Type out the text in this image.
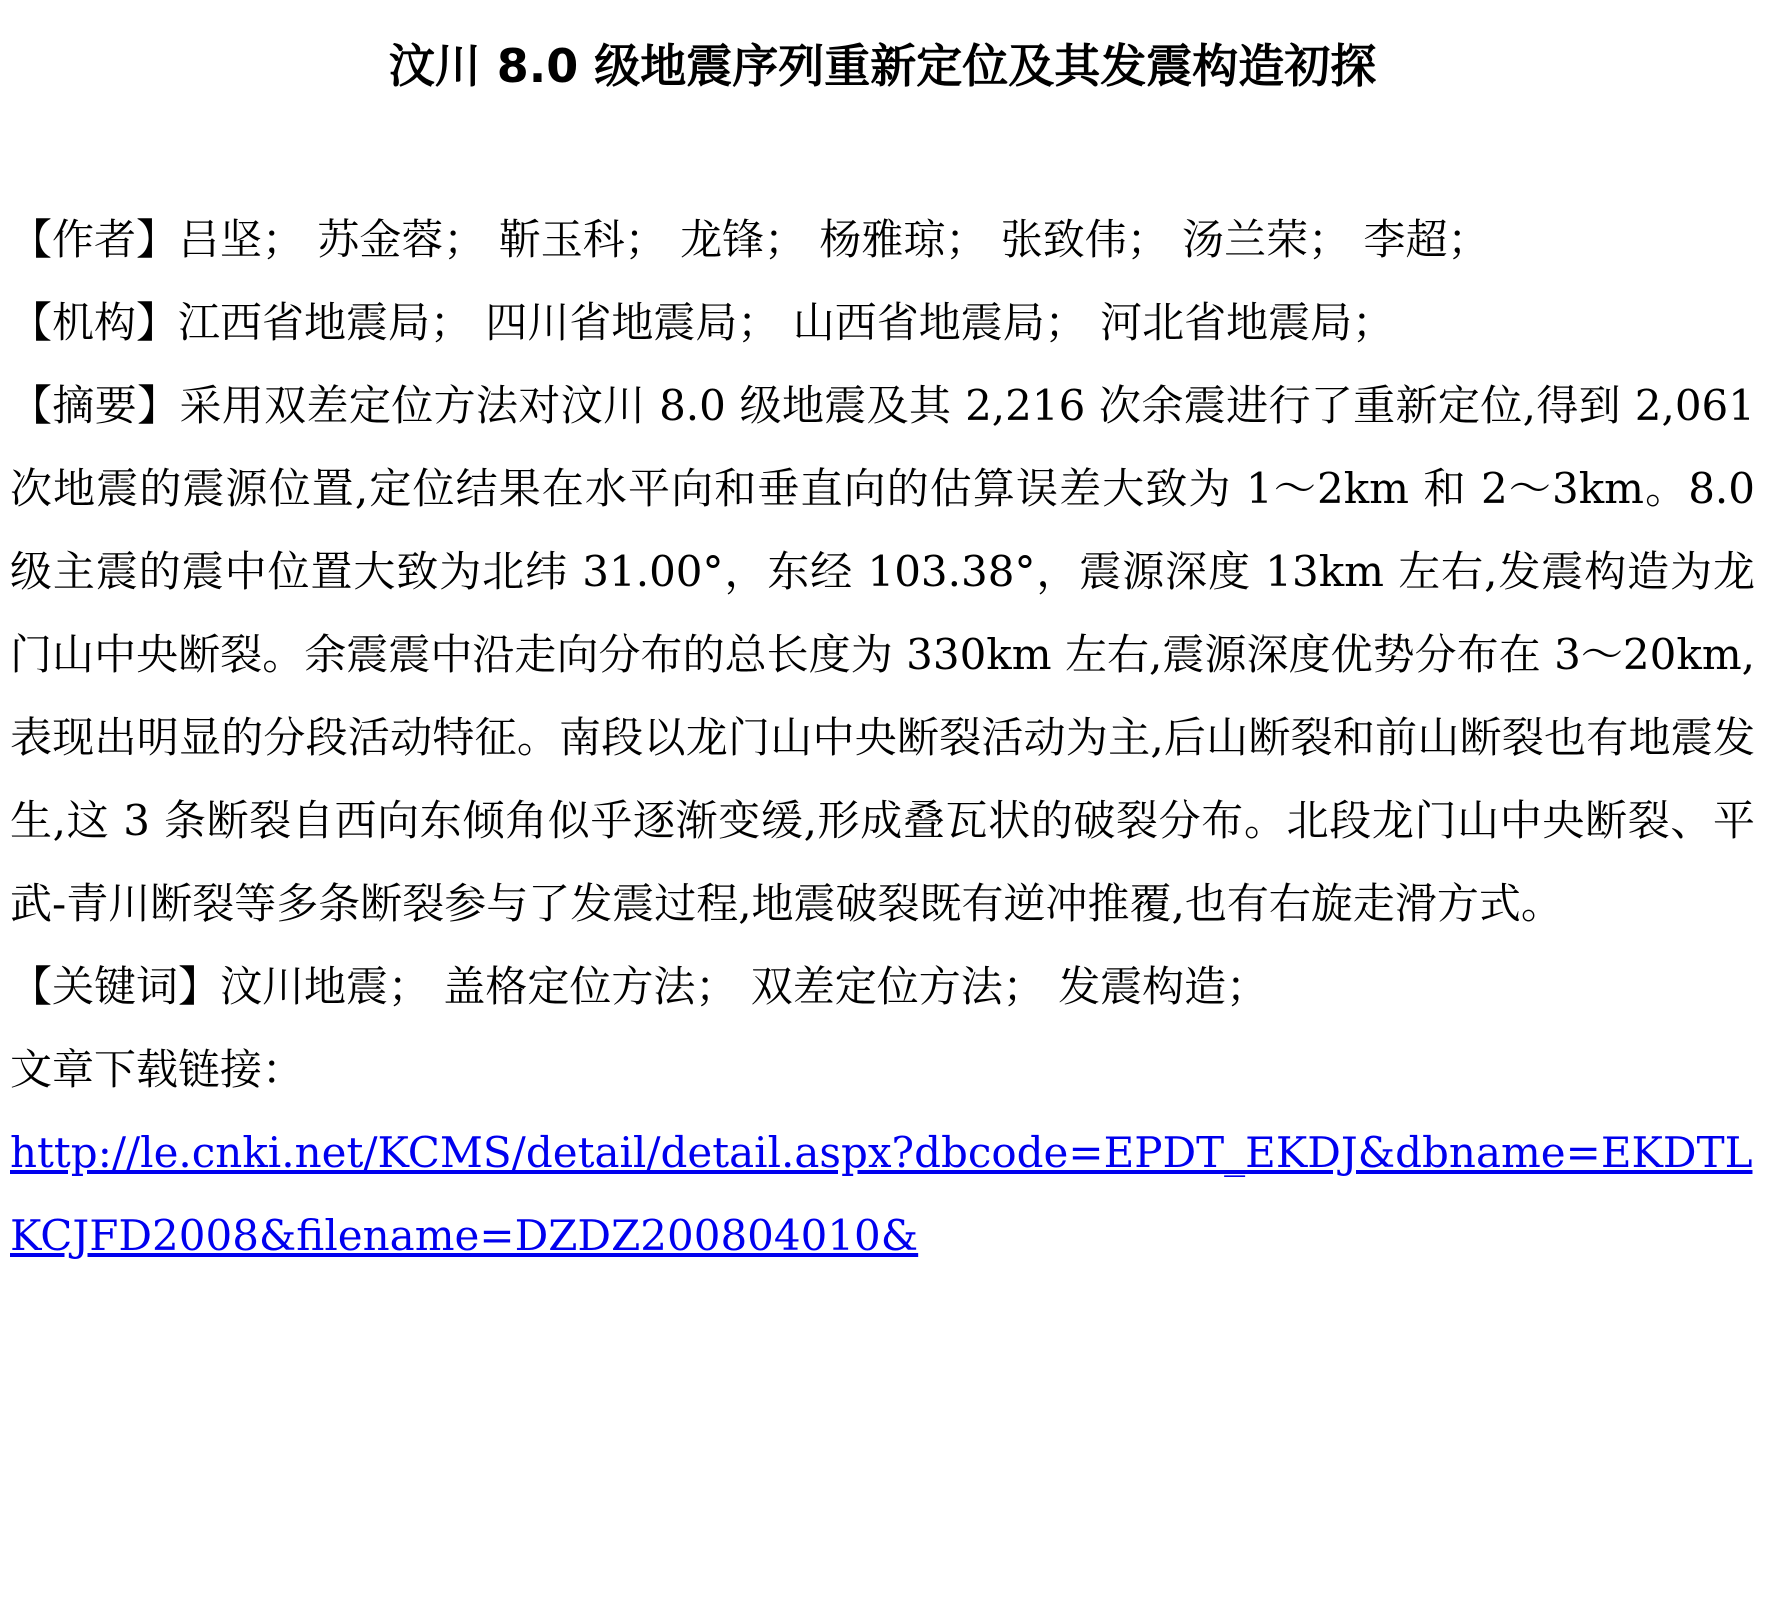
汶川 8.0 级地震序列重新定位及其发震构造初探

【作者】吕坚； 苏金蓉； 靳玉科； 龙锋； 杨雅琼； 张致伟； 汤兰荣； 李超；

【机构】江西省地震局； 四川省地震局； 山西省地震局； 河北省地震局；

【摘要】采用双差定位方法对汶川 8.0 级地震及其 2,216 次余震进行了重新定位,得到 2,061 次地震的震源位置,定位结果在水平向和垂直向的估算误差大致为 1～2km 和 2～3km。8.0 级主震的震中位置大致为北纬 31.00°，东经 103.38°，震源深度 13km 左右,发震构造为龙门山中央断裂。余震震中沿走向分布的总长度为 330km 左右,震源深度优势分布在 3～20km,表现出明显的分段活动特征。南段以龙门山中央断裂活动为主,后山断裂和前山断裂也有地震发生,这 3 条断裂自西向东倾角似乎逐渐变缓,形成叠瓦状的破裂分布。北段龙门山中央断裂、平武-青川断裂等多条断裂参与了发震过程,地震破裂既有逆冲推覆,也有右旋走滑方式。

【关键词】汶川地震； 盖格定位方法； 双差定位方法； 发震构造；

文章下载链接：

http://le.cnki.net/KCMS/detail/detail.aspx?dbcode=EPDT_EKDJ&dbname=EKDTLKCJFD2008&filename=DZDZ200804010&
